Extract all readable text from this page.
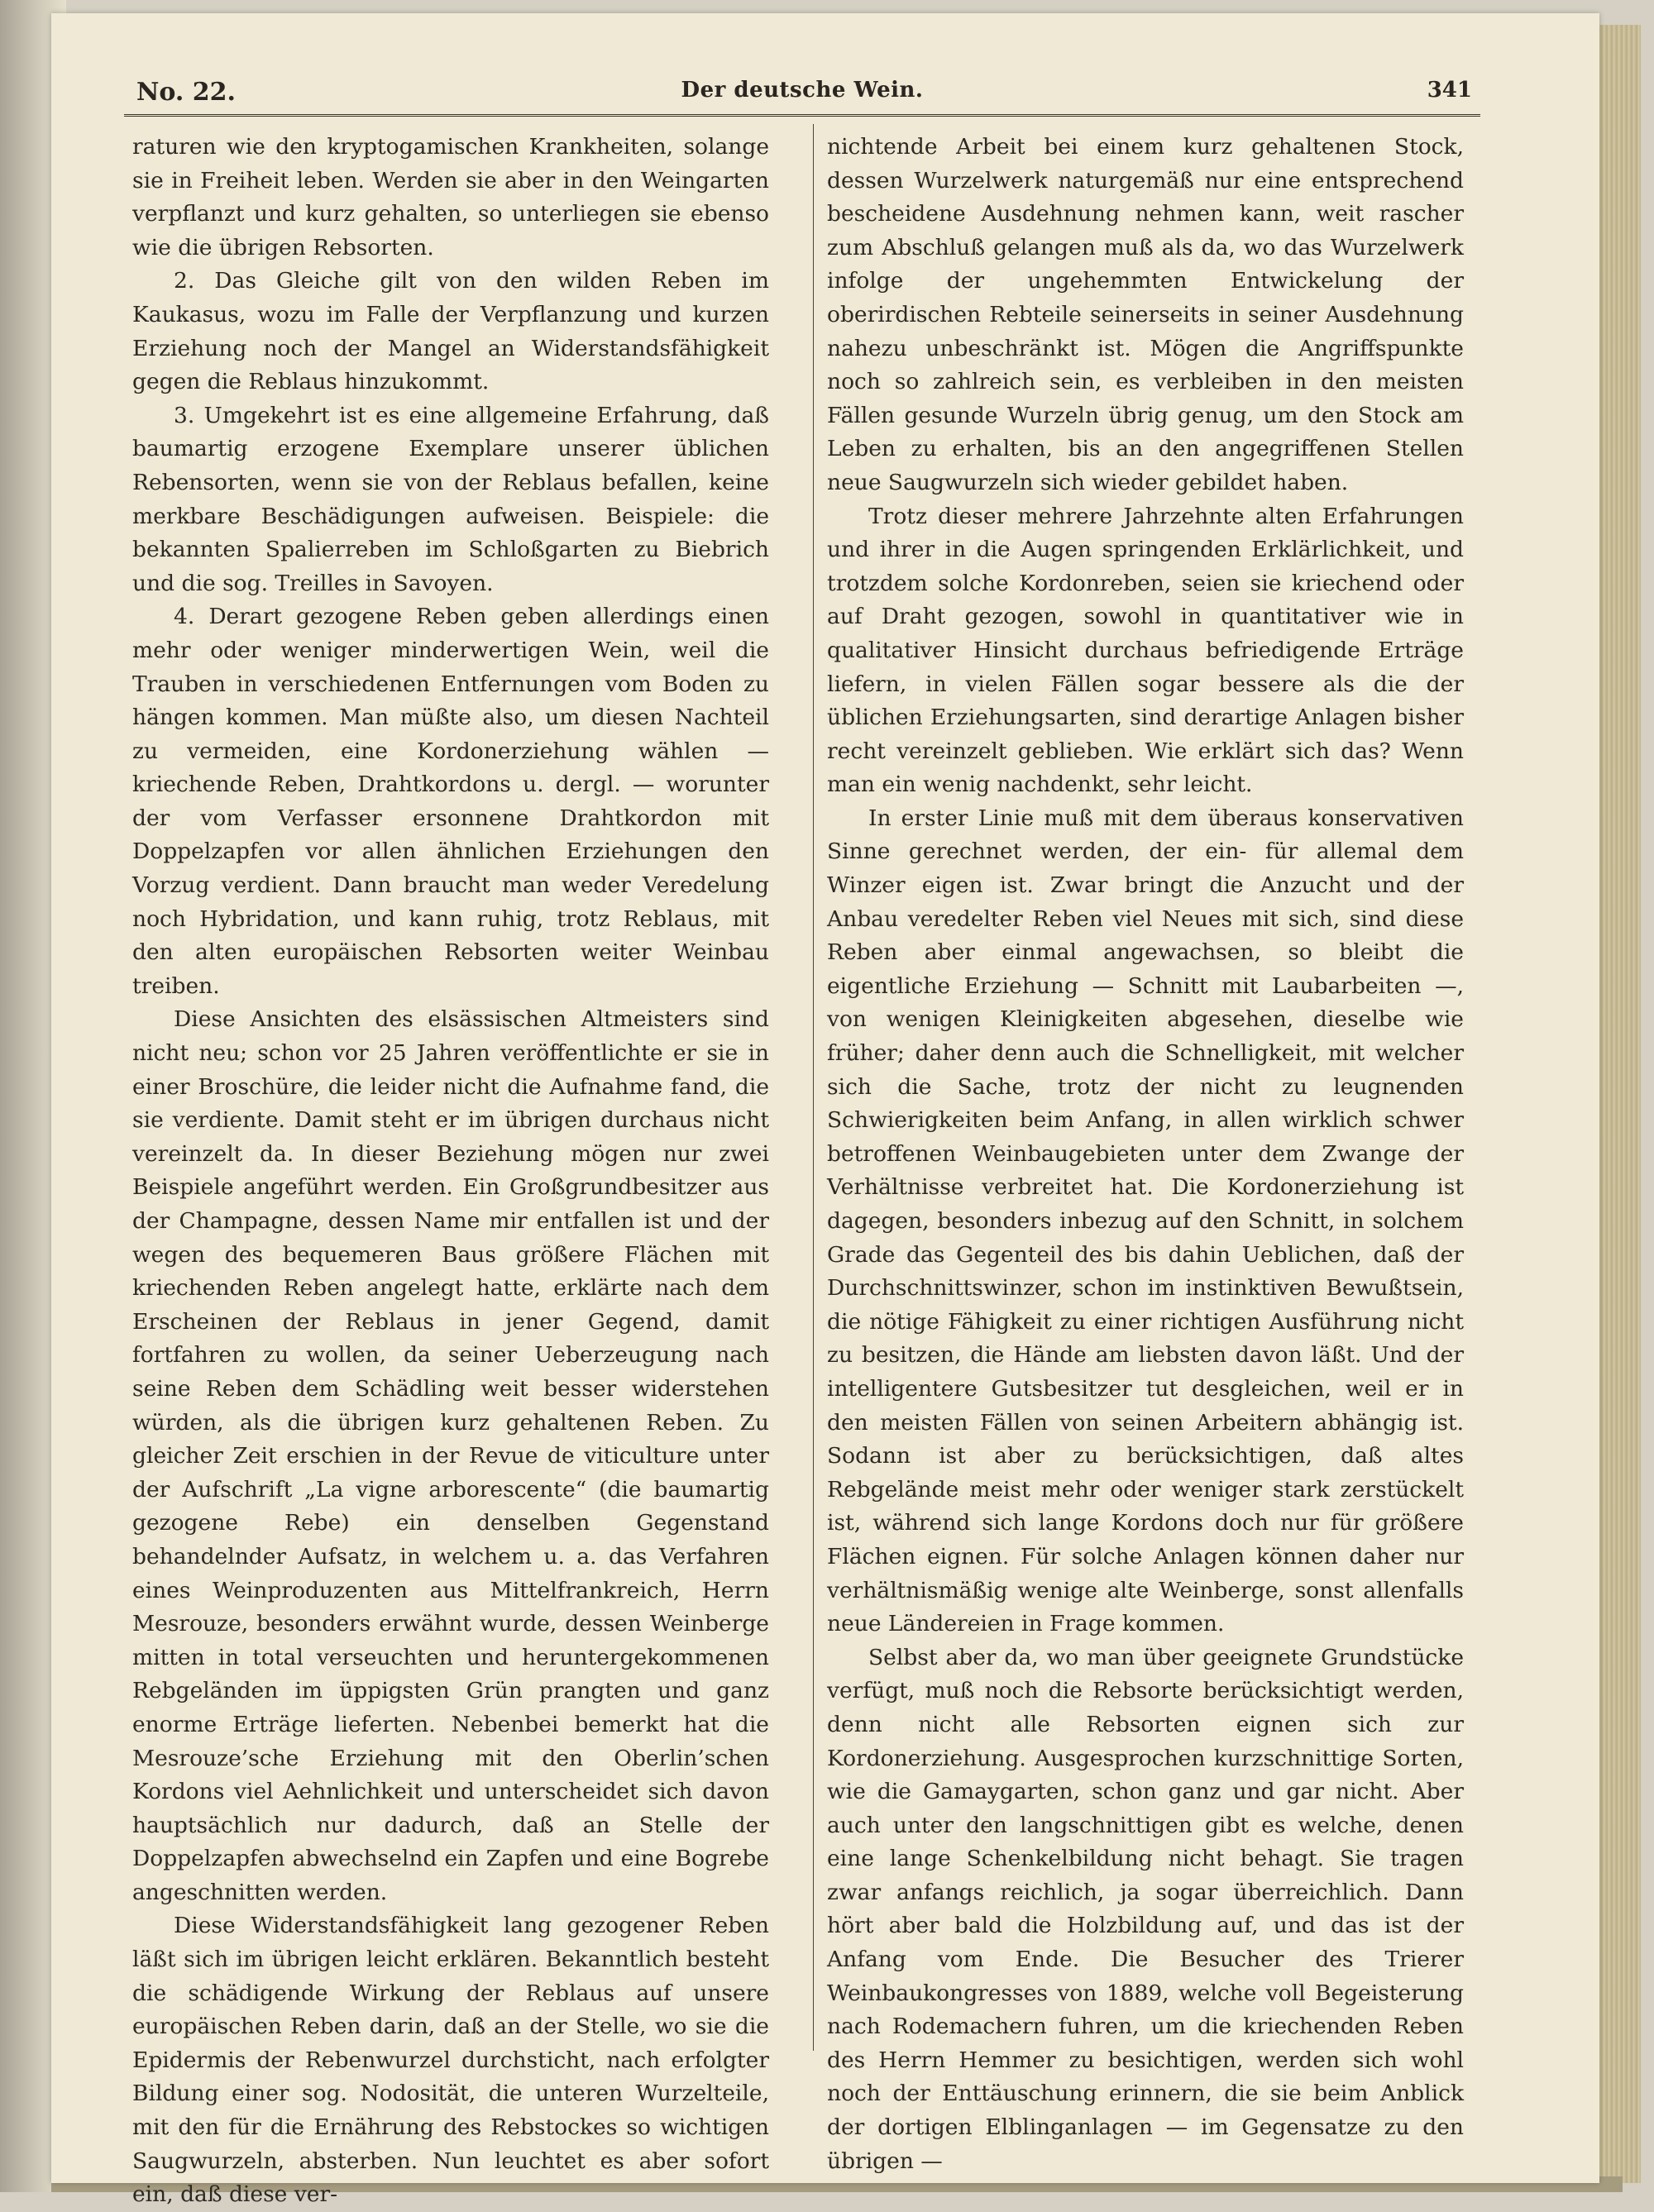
No. 22.	Der deutsche Wein.	341

raturen wie den kryptogamischen Krankheiten, solange sie in Freiheit leben. Werden sie aber in den Weingarten verpflanzt und kurz gehalten, so unterliegen sie ebenso wie die übrigen Rebsorten.

2. Das Gleiche gilt von den wilden Reben im Kaukasus, wozu im Falle der Verpflanzung und kurzen Erziehung noch der Mangel an Widerstandsfähigkeit gegen die Reblaus hinzukommt.

3. Umgekehrt ist es eine allgemeine Erfahrung, daß baumartig erzogene Exemplare unserer üblichen Rebensorten, wenn sie von der Reblaus befallen, keine merkbare Beschädigungen aufweisen. Beispiele: die bekannten Spalierreben im Schloßgarten zu Biebrich und die sog. Treilles in Savoyen.

4. Derart gezogene Reben geben allerdings einen mehr oder weniger minderwertigen Wein, weil die Trauben in verschiedenen Entfernungen vom Boden zu hängen kommen. Man müßte also, um diesen Nachteil zu vermeiden, eine Kordonerziehung wählen — kriechende Reben, Drahtkordons u. dergl. — worunter der vom Verfasser ersonnene Drahtkordon mit Doppelzapfen vor allen ähnlichen Erziehungen den Vorzug verdient. Dann braucht man weder Veredelung noch Hybridation, und kann ruhig, trotz Reblaus, mit den alten europäischen Rebsorten weiter Weinbau treiben.

Diese Ansichten des elsässischen Altmeisters sind nicht neu; schon vor 25 Jahren veröffentlichte er sie in einer Broschüre, die leider nicht die Aufnahme fand, die sie verdiente. Damit steht er im übrigen durchaus nicht vereinzelt da. In dieser Beziehung mögen nur zwei Beispiele angeführt werden. Ein Großgrundbesitzer aus der Champagne, dessen Name mir entfallen ist und der wegen des bequemeren Baus größere Flächen mit kriechenden Reben angelegt hatte, erklärte nach dem Erscheinen der Reblaus in jener Gegend, damit fortfahren zu wollen, da seiner Ueberzeugung nach seine Reben dem Schädling weit besser widerstehen würden, als die übrigen kurz gehaltenen Reben. Zu gleicher Zeit erschien in der Revue de viticulture unter der Aufschrift „La vigne arborescente“ (die baumartig gezogene Rebe) ein denselben Gegenstand behandelnder Aufsatz, in welchem u. a. das Verfahren eines Weinproduzenten aus Mittelfrankreich, Herrn Mesrouze, besonders erwähnt wurde, dessen Weinberge mitten in total verseuchten und heruntergekommenen Rebgeländen im üppigsten Grün prangten und ganz enorme Erträge lieferten. Nebenbei bemerkt hat die Mesrouze’sche Erziehung mit den Oberlin’schen Kordons viel Aehnlichkeit und unterscheidet sich davon hauptsächlich nur dadurch, daß an Stelle der Doppelzapfen abwechselnd ein Zapfen und eine Bogrebe angeschnitten werden.

Diese Widerstandsfähigkeit lang gezogener Reben läßt sich im übrigen leicht erklären. Bekanntlich besteht die schädigende Wirkung der Reblaus auf unsere europäischen Reben darin, daß an der Stelle, wo sie die Epidermis der Rebenwurzel durchsticht, nach erfolgter Bildung einer sog. Nodosität, die unteren Wurzelteile, mit den für die Ernährung des Rebstockes so wichtigen Saugwurzeln, absterben. Nun leuchtet es aber sofort ein, daß diese ver-

nichtende Arbeit bei einem kurz gehaltenen Stock, dessen Wurzelwerk naturgemäß nur eine entsprechend bescheidene Ausdehnung nehmen kann, weit rascher zum Abschluß gelangen muß als da, wo das Wurzelwerk infolge der ungehemmten Entwickelung der oberirdischen Rebteile seinerseits in seiner Ausdehnung nahezu unbeschränkt ist. Mögen die Angriffspunkte noch so zahlreich sein, es verbleiben in den meisten Fällen gesunde Wurzeln übrig genug, um den Stock am Leben zu erhalten, bis an den angegriffenen Stellen neue Saugwurzeln sich wieder gebildet haben.

Trotz dieser mehrere Jahrzehnte alten Erfahrungen und ihrer in die Augen springenden Erklärlichkeit, und trotzdem solche Kordonreben, seien sie kriechend oder auf Draht gezogen, sowohl in quantitativer wie in qualitativer Hinsicht durchaus befriedigende Erträge liefern, in vielen Fällen sogar bessere als die der üblichen Erziehungsarten, sind derartige Anlagen bisher recht vereinzelt geblieben. Wie erklärt sich das? Wenn man ein wenig nachdenkt, sehr leicht.

In erster Linie muß mit dem überaus konservativen Sinne gerechnet werden, der ein- für allemal dem Winzer eigen ist. Zwar bringt die Anzucht und der Anbau veredelter Reben viel Neues mit sich, sind diese Reben aber einmal angewachsen, so bleibt die eigentliche Erziehung — Schnitt mit Laubarbeiten —, von wenigen Kleinigkeiten abgesehen, dieselbe wie früher; daher denn auch die Schnelligkeit, mit welcher sich die Sache, trotz der nicht zu leugnenden Schwierigkeiten beim Anfang, in allen wirklich schwer betroffenen Weinbaugebieten unter dem Zwange der Verhältnisse verbreitet hat. Die Kordonerziehung ist dagegen, besonders inbezug auf den Schnitt, in solchem Grade das Gegenteil des bis dahin Ueblichen, daß der Durchschnittswinzer, schon im instinktiven Bewußtsein, die nötige Fähigkeit zu einer richtigen Ausführung nicht zu besitzen, die Hände am liebsten davon läßt. Und der intelligentere Gutsbesitzer tut desgleichen, weil er in den meisten Fällen von seinen Arbeitern abhängig ist. Sodann ist aber zu berücksichtigen, daß altes Rebgelände meist mehr oder weniger stark zerstückelt ist, während sich lange Kordons doch nur für größere Flächen eignen. Für solche Anlagen können daher nur verhältnismäßig wenige alte Weinberge, sonst allenfalls neue Ländereien in Frage kommen.

Selbst aber da, wo man über geeignete Grundstücke verfügt, muß noch die Rebsorte berücksichtigt werden, denn nicht alle Rebsorten eignen sich zur Kordonerziehung. Ausgesprochen kurzschnittige Sorten, wie die Gamaygarten, schon ganz und gar nicht. Aber auch unter den langschnittigen gibt es welche, denen eine lange Schenkelbildung nicht behagt. Sie tragen zwar anfangs reichlich, ja sogar überreichlich. Dann hört aber bald die Holzbildung auf, und das ist der Anfang vom Ende. Die Besucher des Trierer Weinbaukongresses von 1889, welche voll Begeisterung nach Rodemachern fuhren, um die kriechenden Reben des Herrn Hemmer zu besichtigen, werden sich wohl noch der Enttäuschung erinnern, die sie beim Anblick der dortigen Elblinganlagen — im Gegensatze zu den übrigen —
